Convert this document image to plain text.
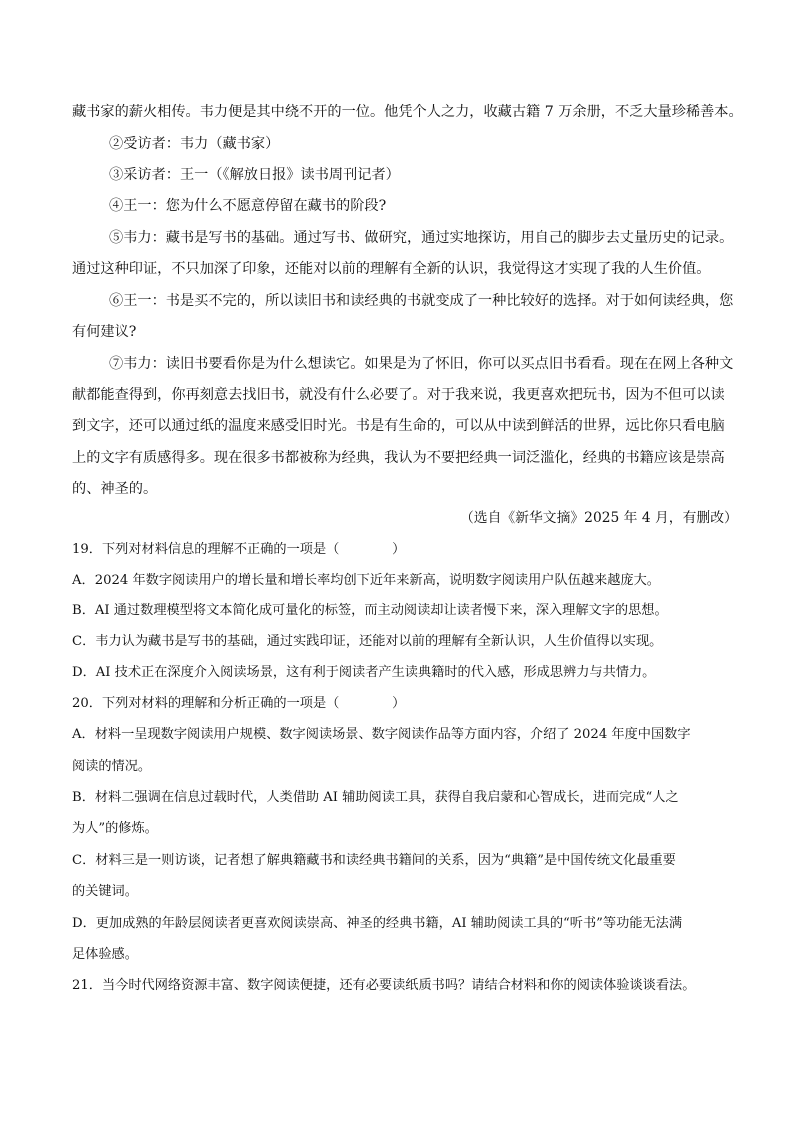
藏书家的薪火相传。韦力便是其中绕不开的一位。他凭个人之力，收藏古籍 7 万余册，不乏大量珍稀善本。
②受访者：韦力（藏书家）
③采访者：王一（《解放日报》读书周刊记者）
④王一：您为什么不愿意停留在藏书的阶段?
⑤韦力：藏书是写书的基础。通过写书、做研究，通过实地探访，用自己的脚步去丈量历史的记录。
通过这种印证，不只加深了印象，还能对以前的理解有全新的认识，我觉得这才实现了我的人生价值。
⑥王一：书是买不完的，所以读旧书和读经典的书就变成了一种比较好的选择。对于如何读经典，您
有何建议?
⑦韦力：读旧书要看你是为什么想读它。如果是为了怀旧，你可以买点旧书看看。现在在网上各种文
献都能查得到，你再刻意去找旧书，就没有什么必要了。对于我来说，我更喜欢把玩书，因为不但可以读
到文字，还可以通过纸的温度来感受旧时光。书是有生命的，可以从中读到鲜活的世界，远比你只看电脑
上的文字有质感得多。现在很多书都被称为经典，我认为不要把经典一词泛滥化，经典的书籍应该是崇高
的、神圣的。
（选自《新华文摘》2025 年 4 月，有删改）
19．下列对材料信息的理解不正确的一项是（　　　　）
A．2024 年数字阅读用户的增长量和增长率均创下近年来新高，说明数字阅读用户队伍越来越庞大。
B．AI 通过数理模型将文本简化成可量化的标签，而主动阅读却让读者慢下来，深入理解文字的思想。
C．韦力认为藏书是写书的基础，通过实践印证，还能对以前的理解有全新认识，人生价值得以实现。
D．AI 技术正在深度介入阅读场景，这有利于阅读者产生读典籍时的代入感，形成思辨力与共情力。
20．下列对材料的理解和分析正确的一项是（　　　　）
A．材料一呈现数字阅读用户规模、数字阅读场景、数字阅读作品等方面内容，介绍了 2024 年度中国数字
阅读的情况。
B．材料二强调在信息过载时代，人类借助 AI 辅助阅读工具，获得自我启蒙和心智成长，进而完成“人之
为人”的修炼。
C．材料三是一则访谈，记者想了解典籍藏书和读经典书籍间的关系，因为“典籍”是中国传统文化最重要
的关键词。
D．更加成熟的年龄层阅读者更喜欢阅读崇高、神圣的经典书籍，AI 辅助阅读工具的“听书”等功能无法满
足体验感。
21．当今时代网络资源丰富、数字阅读便捷，还有必要读纸质书吗？请结合材料和你的阅读体验谈谈看法。
